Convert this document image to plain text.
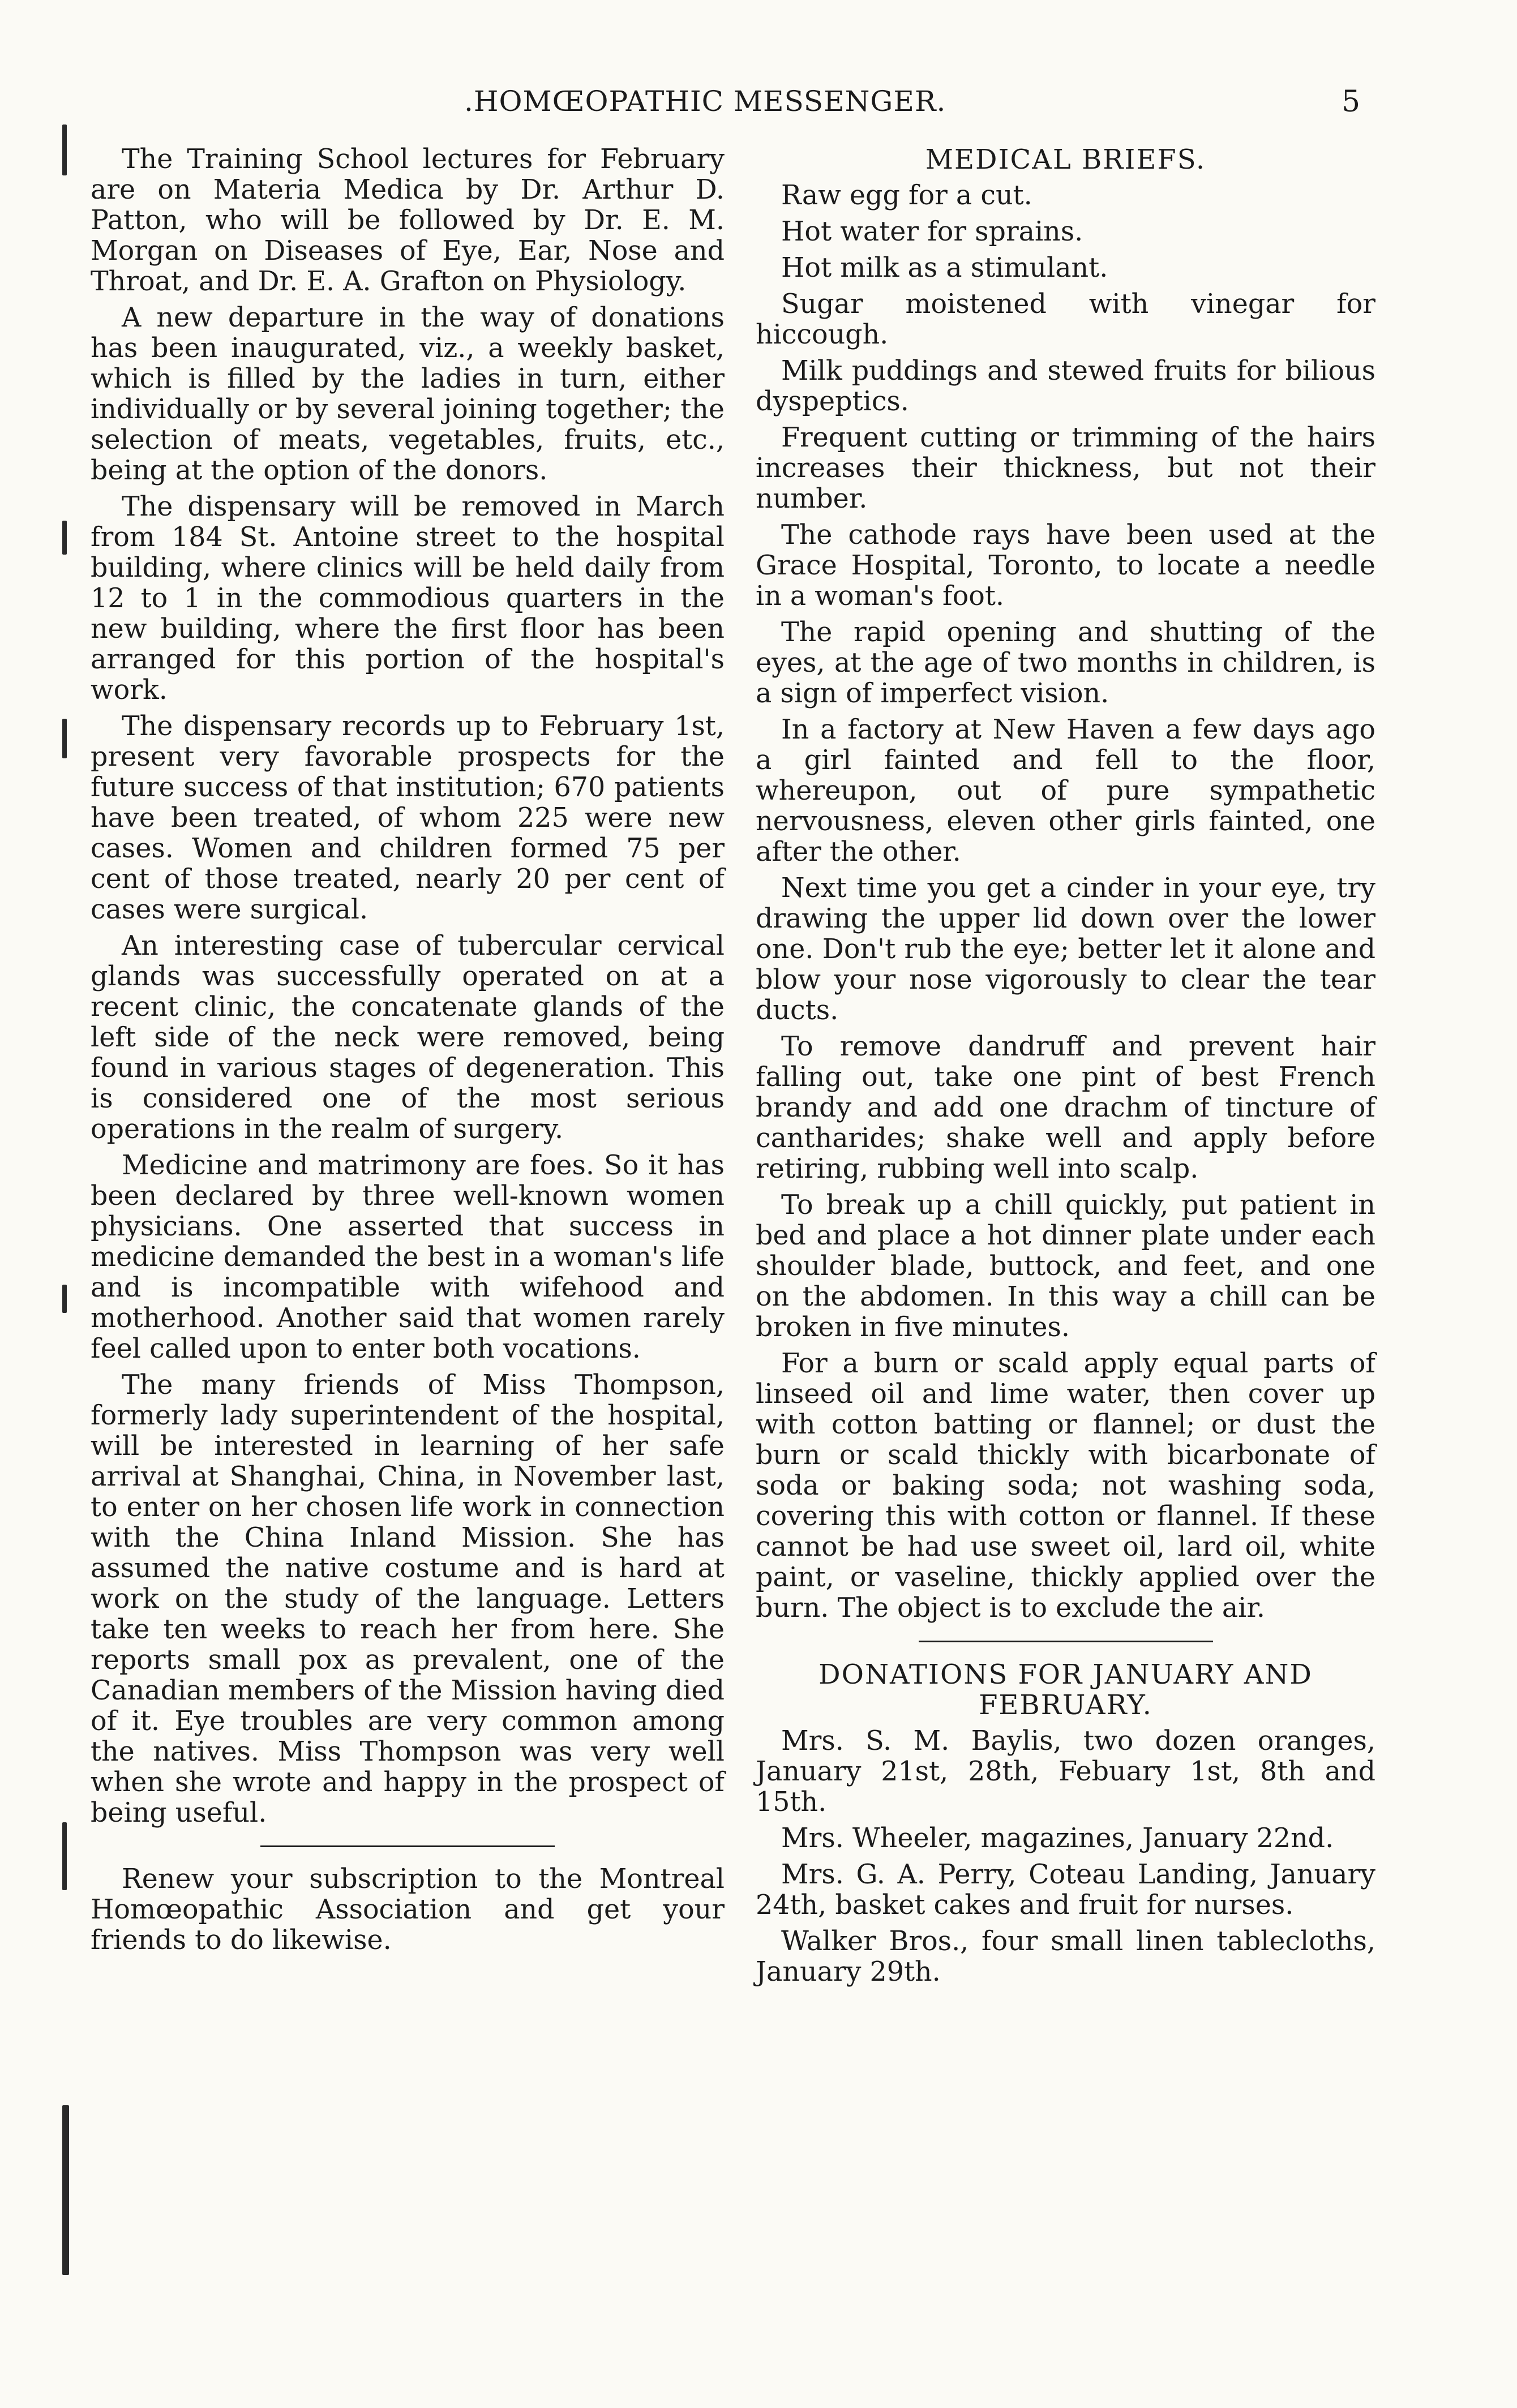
.HOMŒOPATHIC MESSENGER.	5

The Training School lectures for February are on Materia Medica by Dr. Arthur D. Patton, who will be followed by Dr. E. M. Morgan on Diseases of Eye, Ear, Nose and Throat, and Dr. E. A. Grafton on Physiology.

A new departure in the way of donations has been inaugurated, viz., a weekly basket, which is filled by the ladies in turn, either individually or by several joining together; the selection of meats, vegetables, fruits, etc., being at the option of the donors.

The dispensary will be removed in March from 184 St. Antoine street to the hospital building, where clinics will be held daily from 12 to 1 in the commodious quarters in the new building, where the first floor has been arranged for this portion of the hospital's work.

The dispensary records up to February 1st, present very favorable prospects for the future success of that institution; 670 patients have been treated, of whom 225 were new cases. Women and children formed 75 per cent of those treated, nearly 20 per cent of cases were surgical.

An interesting case of tubercular cervical glands was successfully operated on at a recent clinic, the concatenate glands of the left side of the neck were removed, being found in various stages of degeneration. This is considered one of the most serious operations in the realm of surgery.

Medicine and matrimony are foes. So it has been declared by three well-known women physicians. One asserted that success in medicine demanded the best in a woman's life and is incompatible with wifehood and motherhood. Another said that women rarely feel called upon to enter both vocations.

The many friends of Miss Thompson, formerly lady superintendent of the hospital, will be interested in learning of her safe arrival at Shanghai, China, in November last, to enter on her chosen life work in connection with the China Inland Mission. She has assumed the native costume and is hard at work on the study of the language. Letters take ten weeks to reach her from here. She reports small pox as prevalent, one of the Canadian members of the Mission having died of it. Eye troubles are very common among the natives. Miss Thompson was very well when she wrote and happy in the prospect of being useful.

Renew your subscription to the Montreal Homœopathic Association and get your friends to do likewise.
MEDICAL BRIEFS.

Raw egg for a cut.

Hot water for sprains.

Hot milk as a stimulant.

Sugar moistened with vinegar for hiccough.

Milk puddings and stewed fruits for bilious dyspeptics.

Frequent cutting or trimming of the hairs increases their thickness, but not their number.

The cathode rays have been used at the Grace Hospital, Toronto, to locate a needle in a woman's foot.

The rapid opening and shutting of the eyes, at the age of two months in children, is a sign of imperfect vision.

In a factory at New Haven a few days ago a girl fainted and fell to the floor, whereupon, out of pure sympathetic nervousness, eleven other girls fainted, one after the other.

Next time you get a cinder in your eye, try drawing the upper lid down over the lower one. Don't rub the eye; better let it alone and blow your nose vigorously to clear the tear ducts.

To remove dandruff and prevent hair falling out, take one pint of best French brandy and add one drachm of tincture of cantharides; shake well and apply before retiring, rubbing well into scalp.

To break up a chill quickly, put patient in bed and place a hot dinner plate under each shoulder blade, buttock, and feet, and one on the abdomen. In this way a chill can be broken in five minutes.

For a burn or scald apply equal parts of linseed oil and lime water, then cover up with cotton batting or flannel; or dust the burn or scald thickly with bicarbonate of soda or baking soda; not washing soda, covering this with cotton or flannel. If these cannot be had use sweet oil, lard oil, white paint, or vaseline, thickly applied over the burn. The object is to exclude the air.

DONATIONS FOR JANUARY AND FEBRUARY.

Mrs. S. M. Baylis, two dozen oranges, January 21st, 28th, Febuary 1st, 8th and 15th.

Mrs. Wheeler, magazines, January 22nd.

Mrs. G. A. Perry, Coteau Landing, January 24th, basket cakes and fruit for nurses.

Walker Bros., four small linen tablecloths, January 29th.
